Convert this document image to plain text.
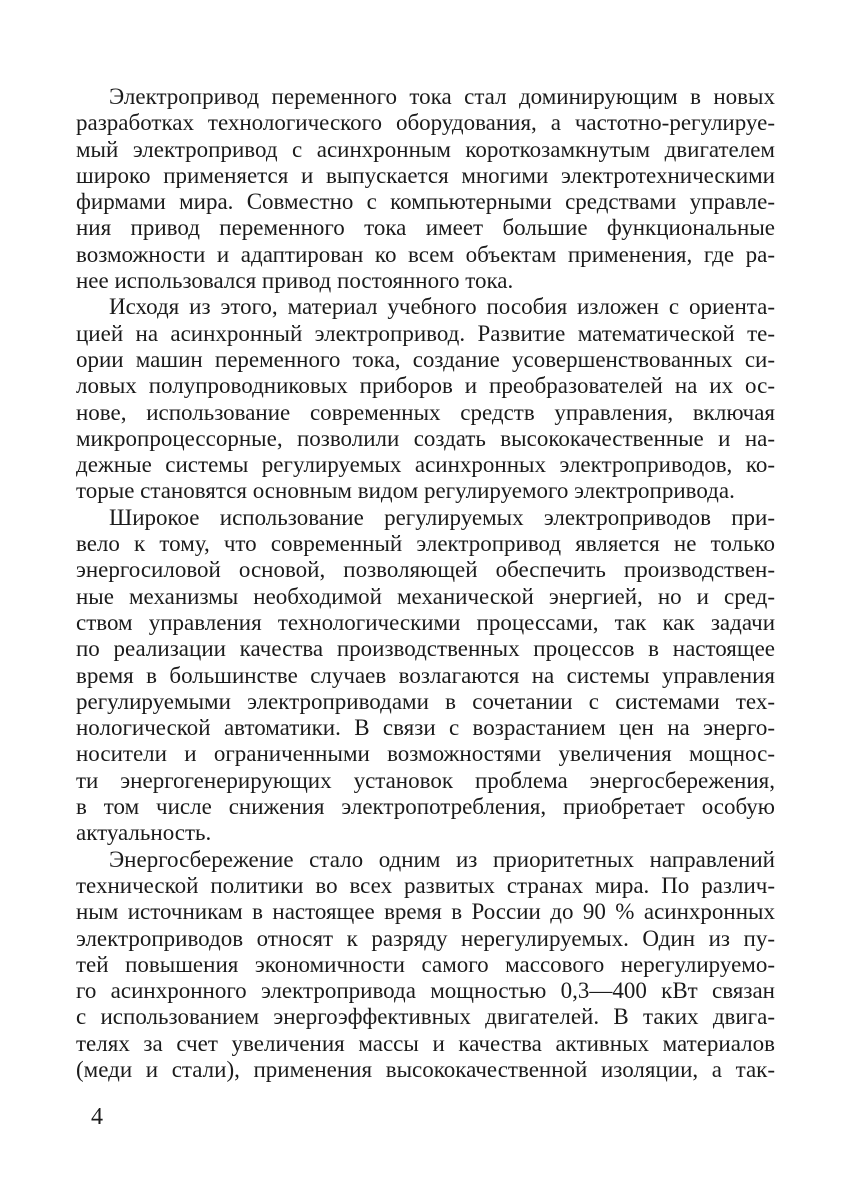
Электропривод переменного тока стал доминирующим в новых
разработках технологического оборудования, а частотно-регулируе-
мый электропривод с асинхронным короткозамкнутым двигателем
широко применяется и выпускается многими электротехническими
фирмами мира. Совместно с компьютерными средствами управле-
ния привод переменного тока имеет большие функциональные
возможности и адаптирован ко всем объектам применения, где ра-
нее использовался привод постоянного тока.
Исходя из этого, материал учебного пособия изложен с ориента-
цией на асинхронный электропривод. Развитие математической те-
ории машин переменного тока, создание усовершенствованных си-
ловых полупроводниковых приборов и преобразователей на их ос-
нове, использование современных средств управления, включая
микропроцессорные, позволили создать высококачественные и на-
дежные системы регулируемых асинхронных электроприводов, ко-
торые становятся основным видом регулируемого электропривода.
Широкое использование регулируемых электроприводов при-
вело к тому, что современный электропривод является не только
энергосиловой основой, позволяющей обеспечить производствен-
ные механизмы необходимой механической энергией, но и сред-
ством управления технологическими процессами, так как задачи
по реализации качества производственных процессов в настоящее
время в большинстве случаев возлагаются на системы управления
регулируемыми электроприводами в сочетании с системами тех-
нологической автоматики. В связи с возрастанием цен на энерго-
носители и ограниченными возможностями увеличения мощнос-
ти энергогенерирующих установок проблема энергосбережения,
в том числе снижения электропотребления, приобретает особую
актуальность.
Энергосбережение стало одним из приоритетных направлений
технической политики во всех развитых странах мира. По различ-
ным источникам в настоящее время в России до 90 % асинхронных
электроприводов относят к разряду нерегулируемых. Один из пу-
тей повышения экономичности самого массового нерегулируемо-
го асинхронного электропривода мощностью 0,3—400 кВт связан
с использованием энергоэффективных двигателей. В таких двига-
телях за счет увеличения массы и качества активных материалов
(меди и стали), применения высококачественной изоляции, а так-
4
